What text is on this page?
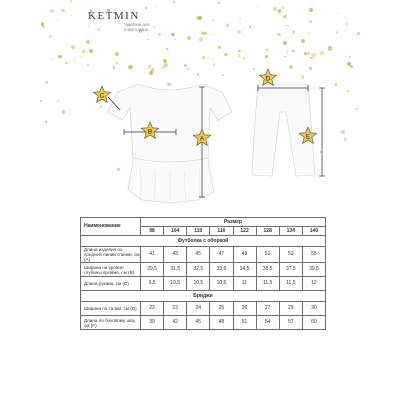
KETMIN
Чемпион для нового мира
C
B
A
D
E
Наименование	Размер							
	98	104	110	116	122	128	134	140
Футболка с оборкой								
Длина изделия по средней линии спинки, см (A)	41	43	45	47	49	51	53	55
Ширина на уровне глубины пройме, см (B)	29,5	31,5	32,5	33,5	34,5	35,5	37,5	39,5
Длина рукава, см (C)	9,5	10,5	10,5	10,5	11	11,5	11,5	12
Бриджи								
Ширина по талии, см (D)	22	23	24	25	26	27	29	30
Длина по боковому шву, см (F)	39	42	45	48	51	54	57	60
